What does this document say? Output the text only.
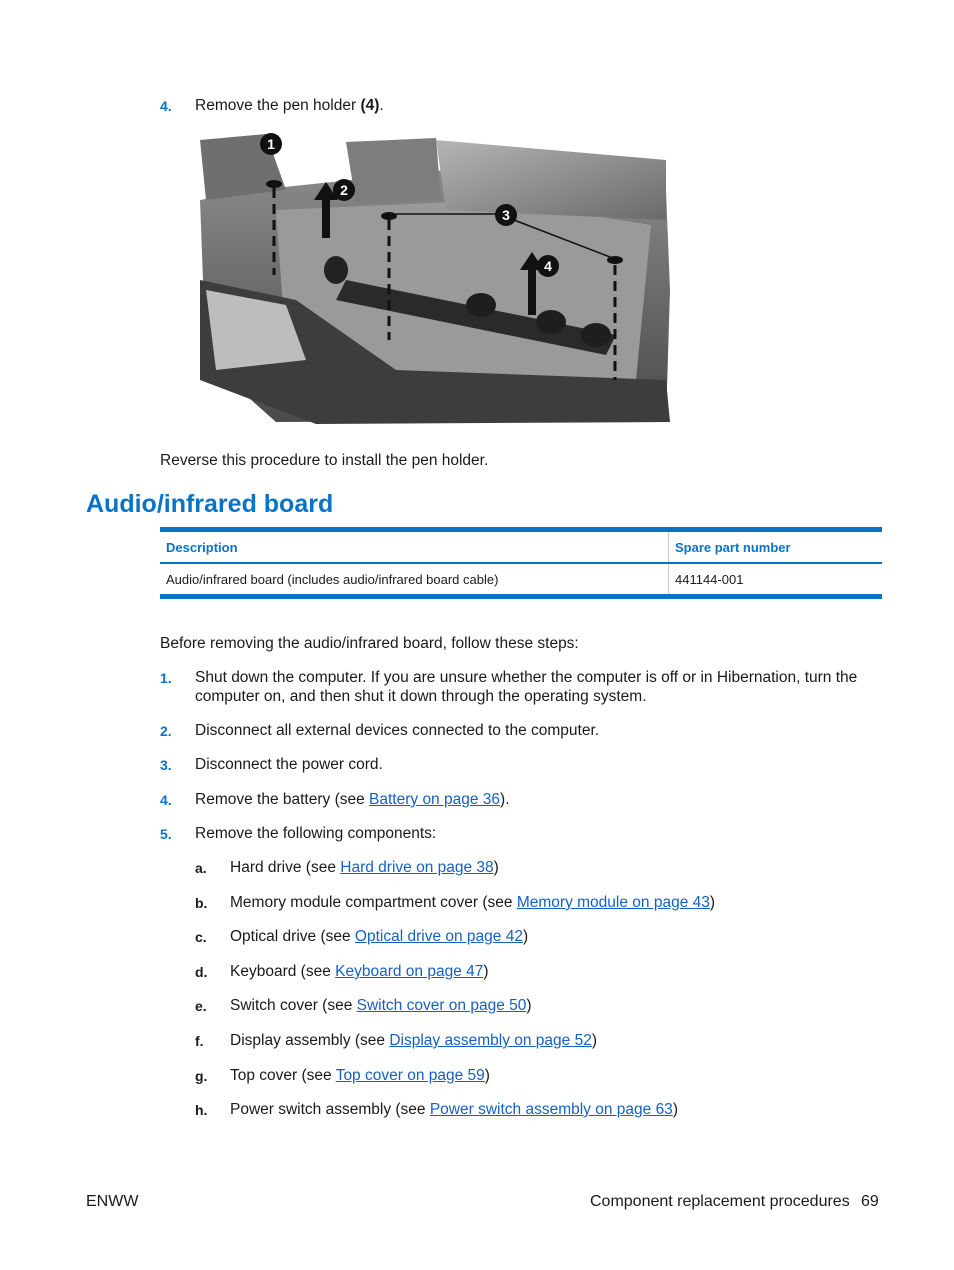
4. Remove the pen holder (4).
1
2
3
4
Reverse this procedure to install the pen holder.
Audio/infrared board
Description	Spare part number
Audio/infrared board (includes audio/infrared board cable)	441144-001
Before removing the audio/infrared board, follow these steps:
1. Shut down the computer. If you are unsure whether the computer is off or in Hibernation, turn the
computer on, and then shut it down through the operating system.
2. Disconnect all external devices connected to the computer.
3. Disconnect the power cord.
4. Remove the battery (see Battery on page 36).
5. Remove the following components:
a. Hard drive (see Hard drive on page 38)
b. Memory module compartment cover (see Memory module on page 43)
c. Optical drive (see Optical drive on page 42)
d. Keyboard (see Keyboard on page 47)
e. Switch cover (see Switch cover on page 50)
f. Display assembly (see Display assembly on page 52)
g. Top cover (see Top cover on page 59)
h. Power switch assembly (see Power switch assembly on page 63)
ENWW	Component replacement procedures 69
